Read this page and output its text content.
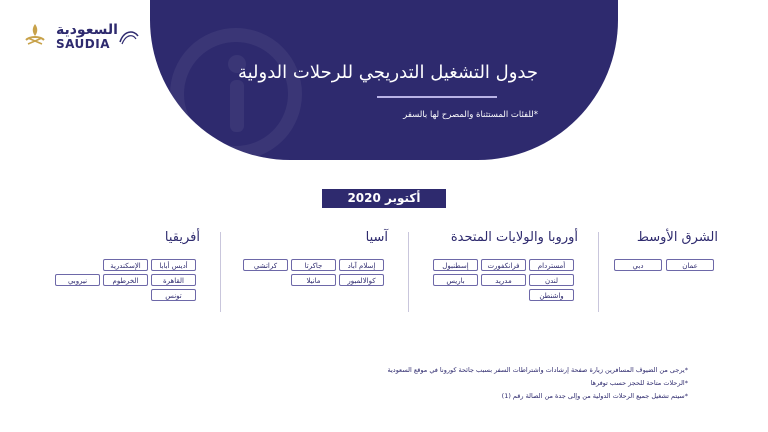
السعودية
SAUDIA
جدول التشغيل التدريجي للرحلات الدولية
*للفئات المستثناة والمصرح لها بالسفر
أكتوبر 2020
الشرق الأوسط
عمان
دبي
أوروبا والولايات المتحدة
أمستردام
فرانكفورت
إسطنبول
لندن
مدريد
باريس
واشنطن
آسيا
إسلام آباد
جاكرتا
كراتشي
كوالالمبور
مانيلا
أفريقيا
أديس أبابا
الإسكندرية
القاهرة
الخرطوم
نيروبي
تونس
*يرجى من الضيوف المسافرين زيارة صفحة إرشادات واشتراطات السفر بسبب جائحة كورونا في موقع السعودية
*الرحلات متاحة للحجز حسب توفرها
*سيتم تشغيل جميع الرحلات الدولية من وإلى جدة من الصالة رقم (1)
